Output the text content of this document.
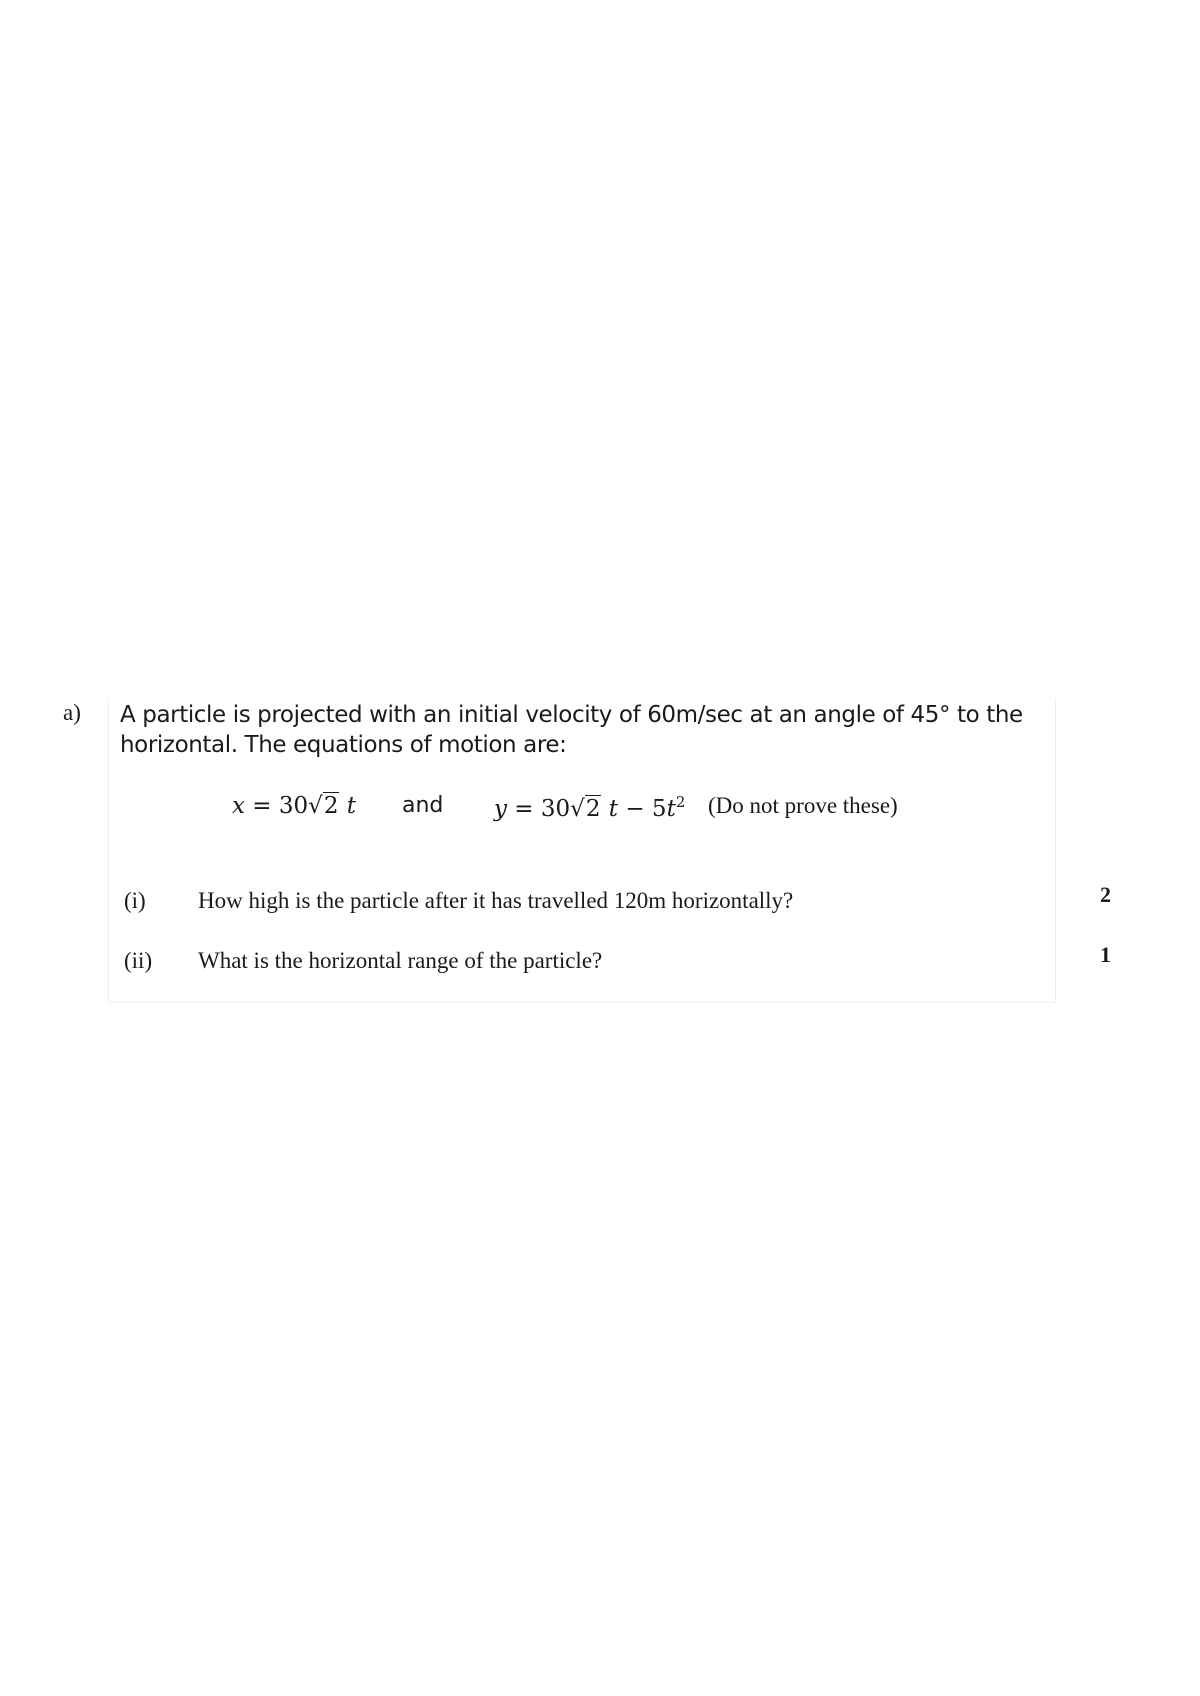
a) A particle is projected with an initial velocity of 60m/sec at an angle of 45° to the
horizontal. The equations of motion are:
x = 30√2 t and y = 30√2 $t - 5t^2$ (Do not prove these)
(i) How high is the particle after it has travelled 120m horizontally?	2
(ii) What is the horizontal range of the particle?	1
